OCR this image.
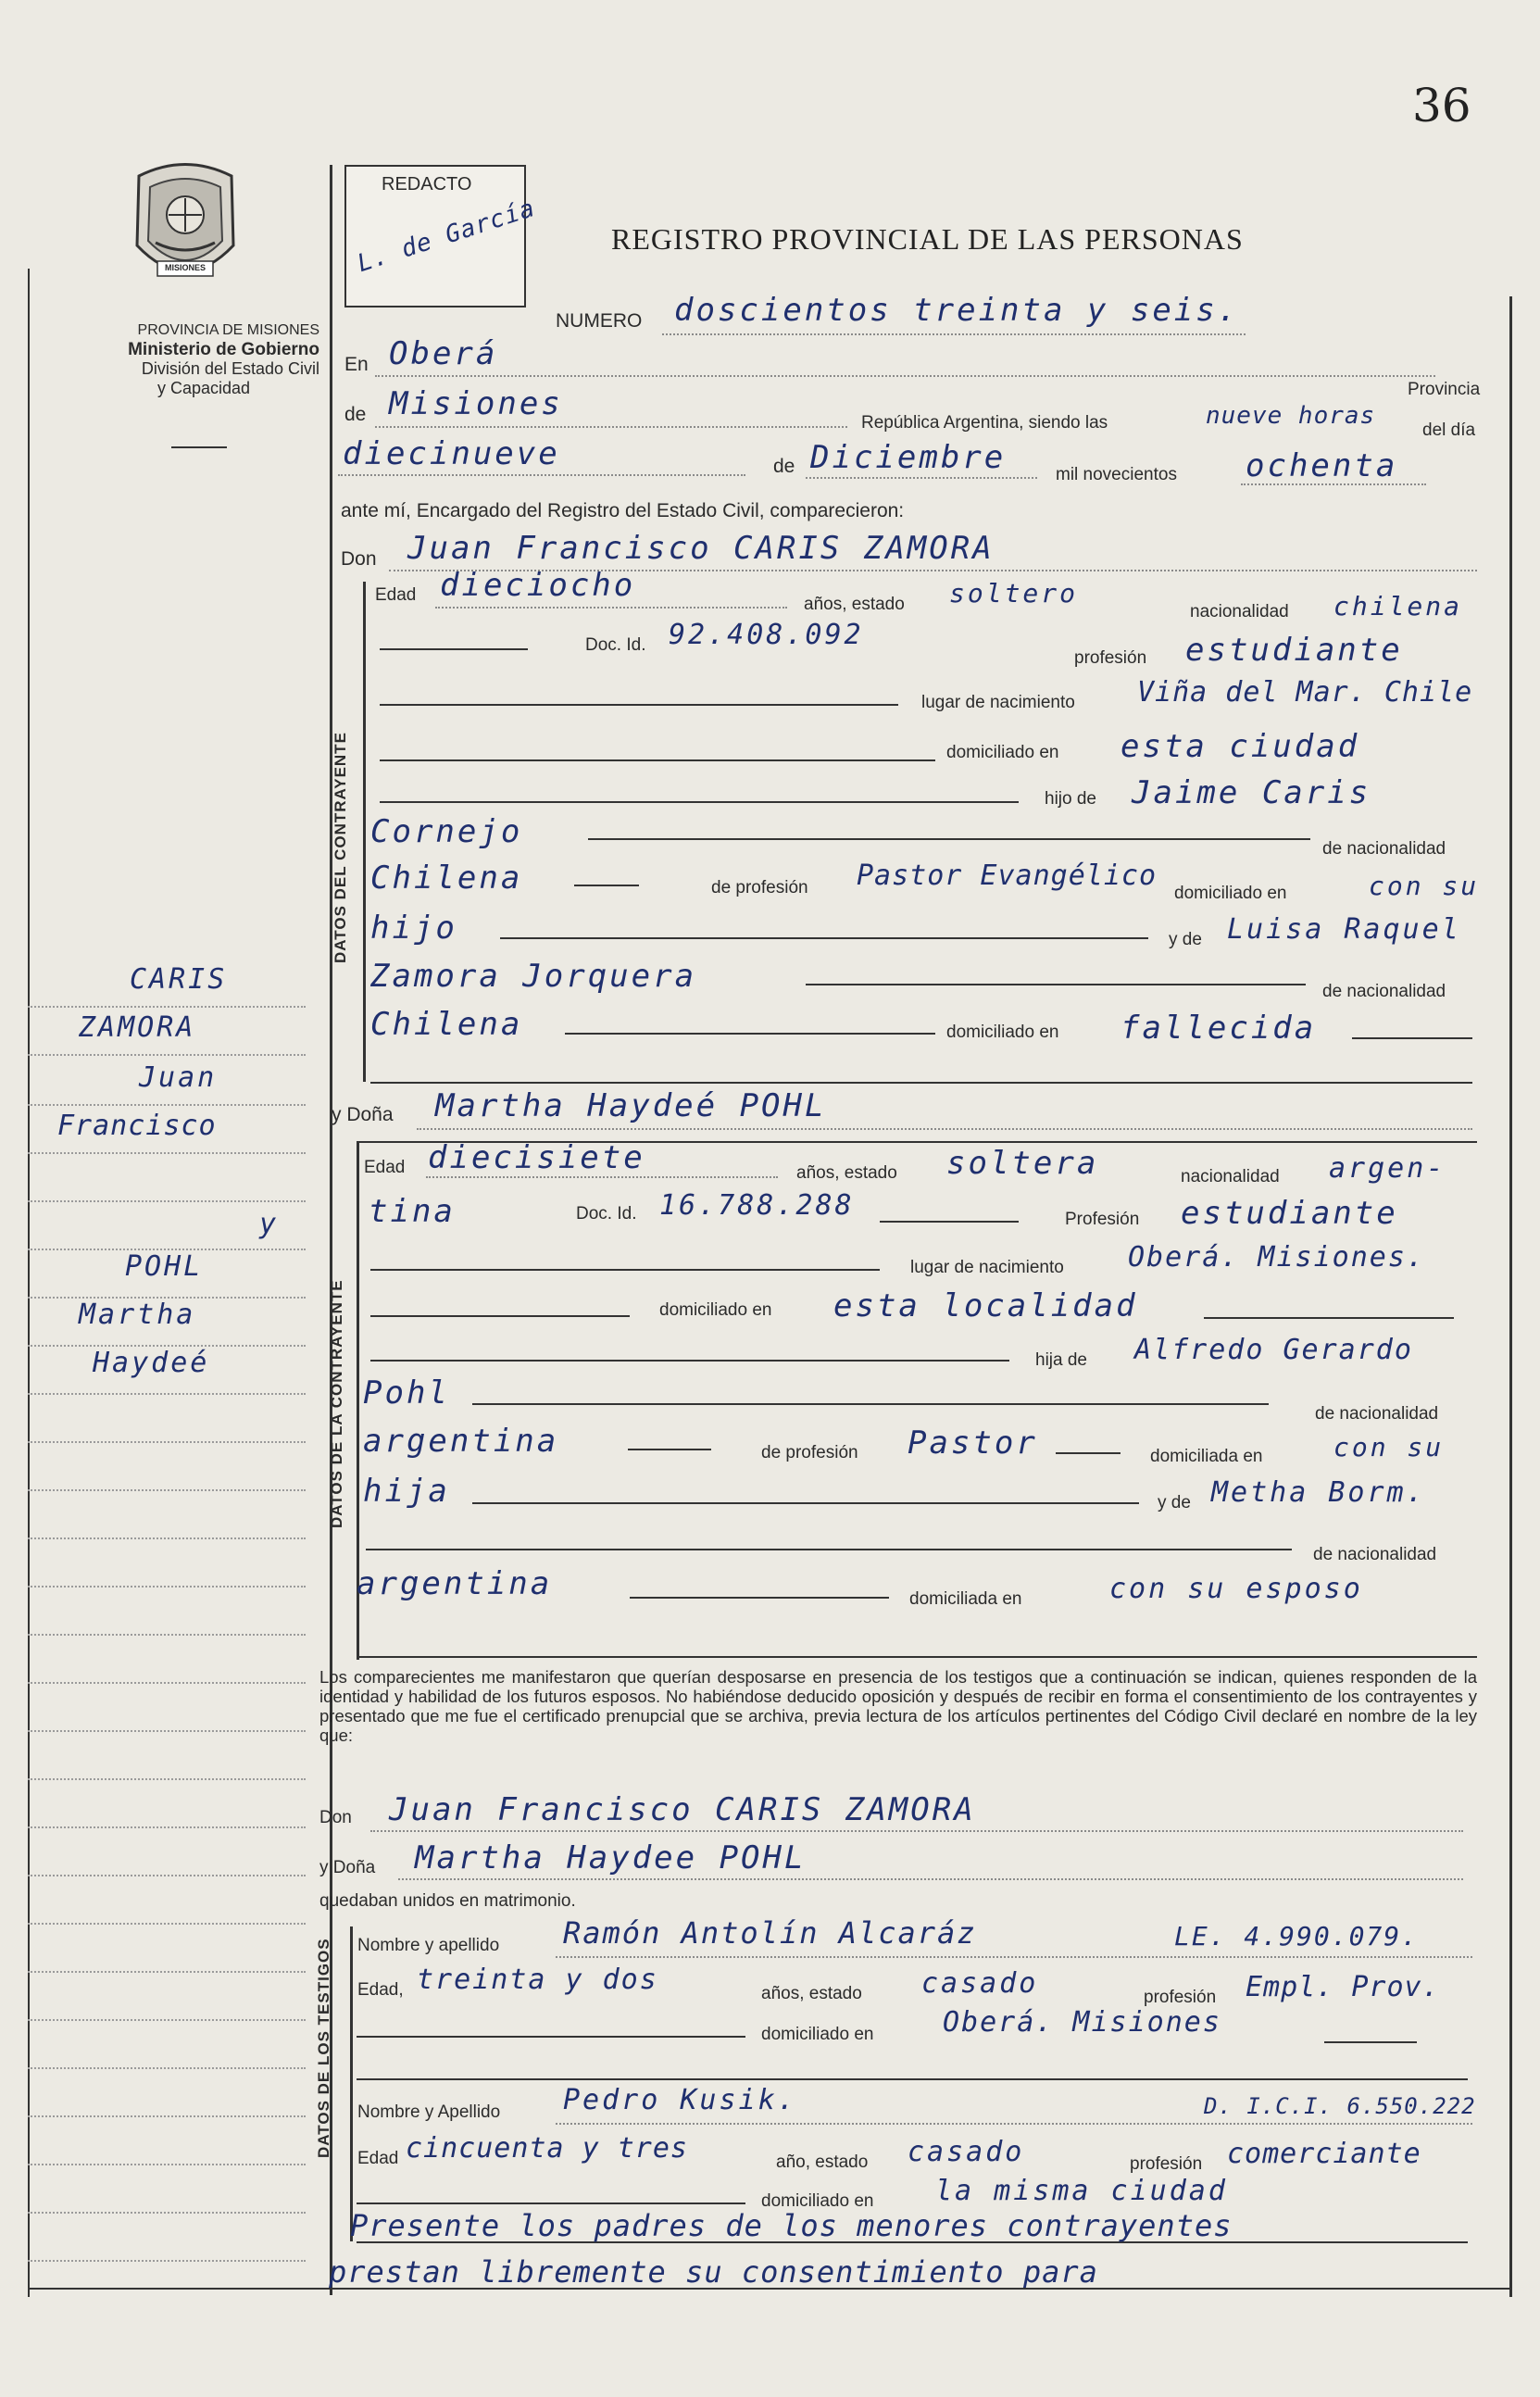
36
MISIONES
PROVINCIA DE MISIONES
Ministerio de Gobierno
División del Estado Civil
y Capacidad
REDACTO
L. de García REGISTRO PROVINCIAL DE LAS PERSONAS
NUMERO doscientos treinta y seis.
En Oberá
Provincia
de Misiones
República Argentina, siendo las	nueve horas
del día
diecinueve	de Diciembre	mil novecientos ochenta
ante mí, Encargado del Registro del Estado Civil, comparecieron:
Don Juan Francisco CARIS ZAMORA
DATOS DEL CONTRAYENTE
Edad dieciocho
años, estado soltero
nacionalidad chilena
Doc. Id. 92.408.092
profesión estudiante
lugar de nacimiento Viña del Mar. Chile
domiciliado en esta ciudad
hijo de Jaime Caris
Cornejo	de nacionalidad
Chilena	de profesión Pastor Evangélico
domiciliado en	con su
hijo	y de Luisa Raquel
Zamora Jorquera	de nacionalidad
Chilena	domiciliado en fallecida
y Doña Martha Haydeé POHL
DATOS DE LA CONTRAYENTE
Edad diecisiete	años, estado soltera	nacionalidad argen-
tina	Doc. Id. 16.788.288	Profesión estudiante
lugar de nacimiento Oberá. Misiones.
domiciliado en esta localidad
hija de Alfredo Gerardo
Pohl
de nacionalidad
argentina	de profesión Pastor	domiciliada en	con su
hija	y de Metha Borm.
de nacionalidad
argentina	domiciliada en	con su esposo
CARIS
ZAMORA
Juan
Francisco
y
POHL
Martha
Haydeé
Los comparecientes me manifestaron que querían desposarse en presencia de los testigos que a continuación se indican, quienes responden de la identidad y habilidad de los futuros esposos. No habiéndose deducido oposición y después de recibir en forma el consentimiento de los contrayentes y presentado que me fue el certificado prenupcial que se archiva, previa lectura de los artículos pertinentes del Código Civil declaré en nombre de la ley que:
Don Juan Francisco CARIS ZAMORA
y Doña Martha Haydee POHL
quedaban unidos en matrimonio.
DATOS DE LOS TESTIGOS Nombre y apellido Ramón Antolín Alcaráz	LE. 4.990.079.
Edad, treinta y dos	años, estado casado	profesión Empl. Prov.
domiciliado en Oberá. Misiones
Nombre y Apellido Pedro Kusik.	D. I.C.I. 6.550.222
Edad cincuenta y tres	año, estado casado	profesión comerciante
domiciliado en la misma ciudad
Presente los padres de los menores contrayentes
prestan libremente su consentimiento para
